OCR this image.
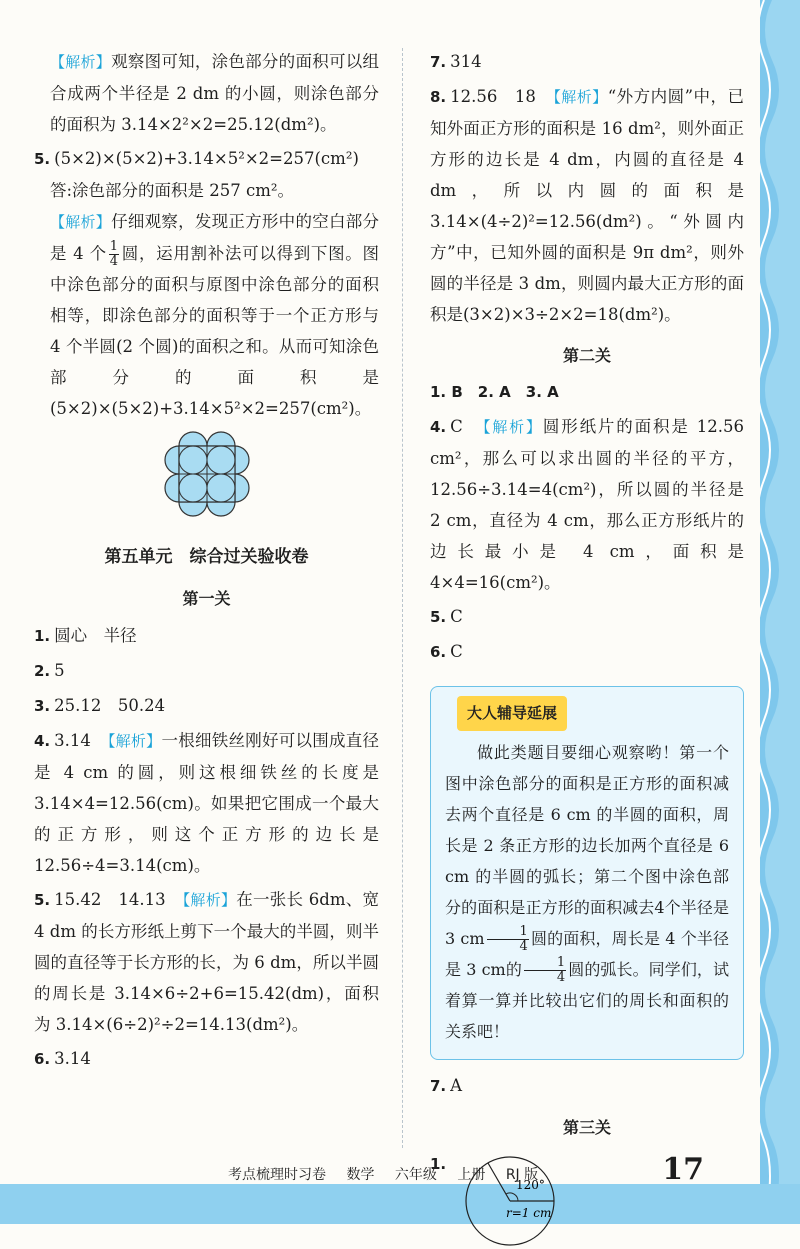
【解析】观察图可知，涂色部分的面积可以组合成两个半径是 2 dm 的小圆，则涂色部分的面积为 3.14×2²×2=25.12(dm²)。

5. (5×2)×(5×2)+3.14×5²×2=257(cm²)

答:涂色部分的面积是 257 cm²。

【解析】仔细观察，发现正方形中的空白部分是 4 个 $\frac{1}{4}$ 圆，运用割补法可以得到下图。图中涂色部分的面积与原图中涂色部分的面积相等，即涂色部分的面积等于一个正方形与 4 个半圆(2 个圆)的面积之和。从而可知涂色部分的面积是(5×2)×(5×2)+3.14×5²×2=257(cm²)。

第五单元　综合过关验收卷
第一关

1. 圆心　半径

2. 5

3. 25.12　50.24

4. 3.14　 【解析】一根细铁丝刚好可以围成直径是 4 cm 的圆，则这根细铁丝的长度是 3.14×4=12.56(cm)。如果把它围成一个最大的正方形，则这个正方形的边长是 12.56÷4=3.14(cm)。

5. 15.42　14.13　 【解析】在一张长 6dm、宽 4 dm 的长方形纸上剪下一个最大的半圆，则半圆的直径等于长方形的长，为 6 dm，所以半圆的周长是 3.14×6÷2+6=15.42(dm)，面积为 3.14×(6÷2)²÷2=14.13(dm²)。

6. 3.14

7. 314

8. 12.56　18　 【解析】“外方内圆”中，已知外面正方形的面积是 16 dm²，则外面正方形的边长是 4 dm，内圆的直径是 4 dm，所以内圆的面积是 3.14×(4÷2)²=12.56(dm²)。“外圆内方”中，已知外圆的面积是 9π dm²，则外圆的半径是 3 dm，则圆内最大正方形的面积是(3×2)×3÷2×2=18(dm²)。

第二关

1. B　2. A　3. A

4. C　 【解析】圆形纸片的面积是 12.56 cm²，那么可以求出圆的半径的平方，12.56÷3.14=4(cm²)，所以圆的半径是 2 cm，直径为 4 cm，那么正方形纸片的边长最小是 4 cm，面积是 4×4=16(cm²)。

5. C

6. C

大人辅导延展

做此类题目要细心观察哟！第一个图中涂色部分的面积是正方形的面积减去两个直径是 6 cm 的半圆的面积，周长是 2 条正方形的边长加两个直径是 6 cm 的半圆的弧长；第二个图中涂色部分的面积是正方形的面积减去4个半径是 3 cm $\frac{1}{4}$ 圆的面积，周长是 4 个半径是 3 cm的 $\frac{1}{4}$ 圆的弧长。同学们，试着算一算并比较出它们的周长和面积的关系吧！

7. A

第三关
1.
120°
r=1 cm
考点梳理时习卷 数学 六年级 上册 RJ 版	17
